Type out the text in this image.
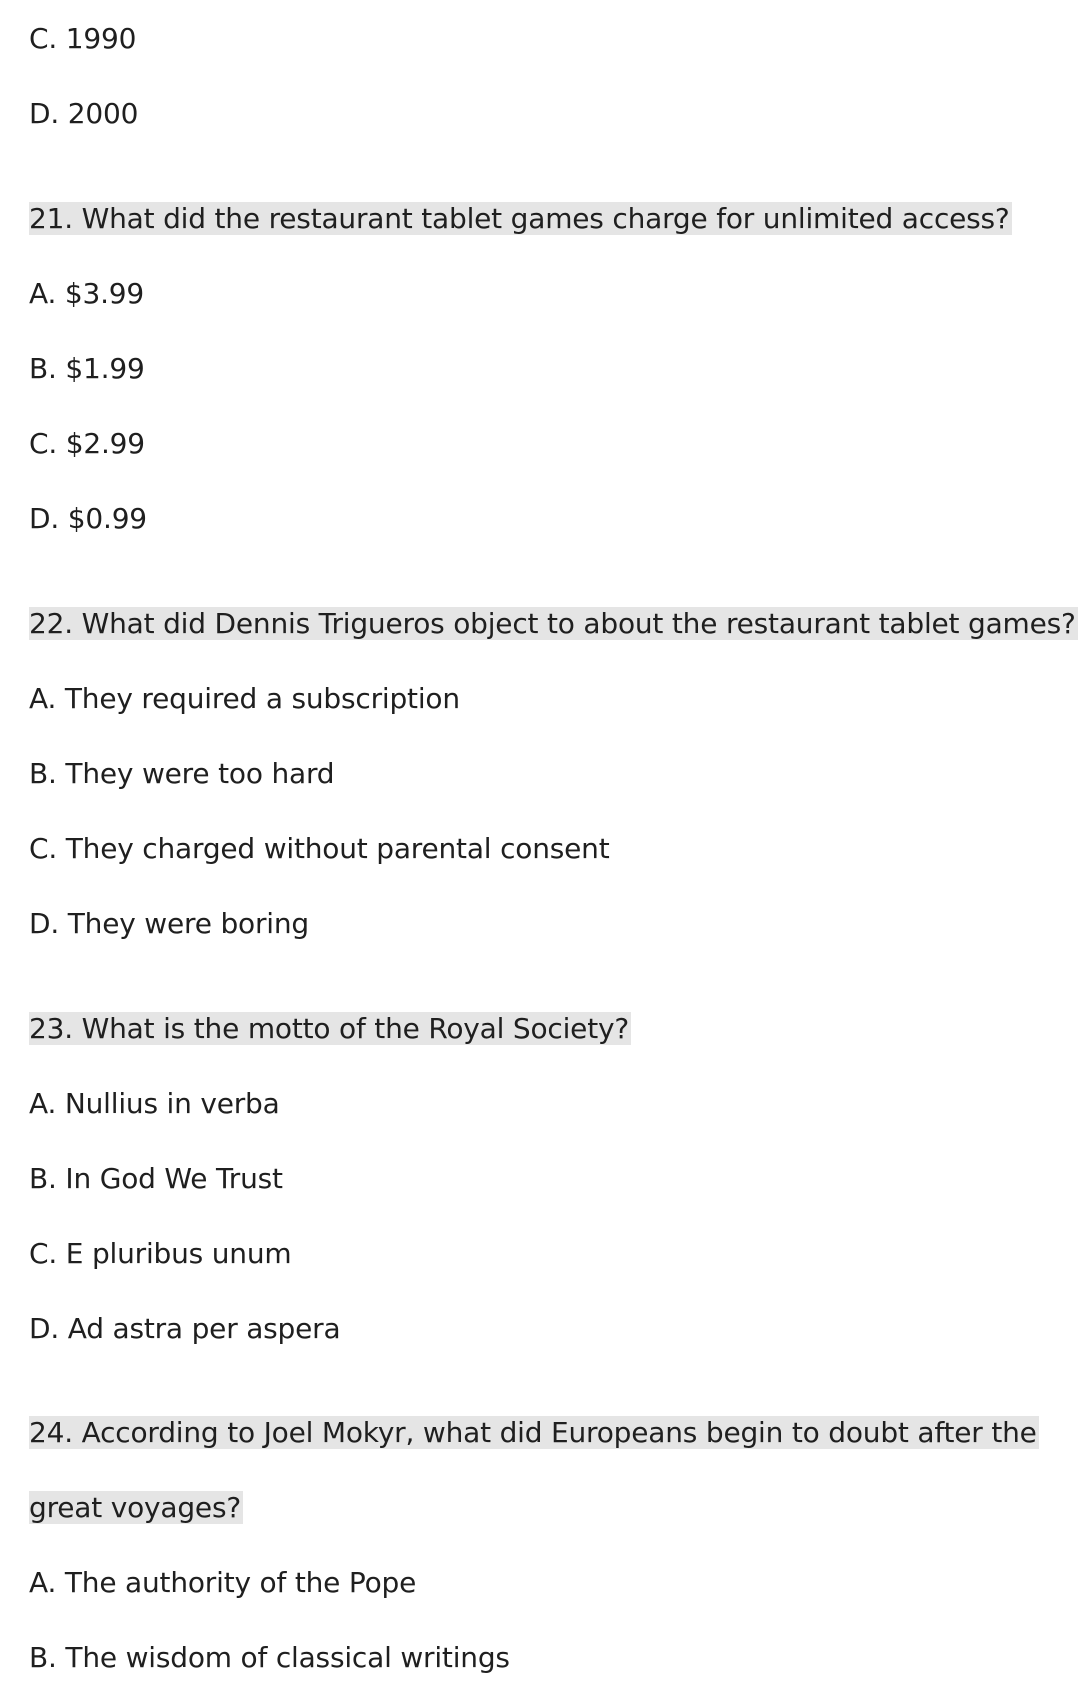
C. 1990
D. 2000
21. What did the restaurant tablet games charge for unlimited access?
A. $3.99
B. $1.99
C. $2.99
D. $0.99
22. What did Dennis Trigueros object to about the restaurant tablet games?
A. They required a subscription
B. They were too hard
C. They charged without parental consent
D. They were boring
23. What is the motto of the Royal Society?
A. Nullius in verba
B. In God We Trust
C. E pluribus unum
D. Ad astra per aspera
24. According to Joel Mokyr, what did Europeans begin to doubt after the
great voyages?
A. The authority of the Pope
B. The wisdom of classical writings
